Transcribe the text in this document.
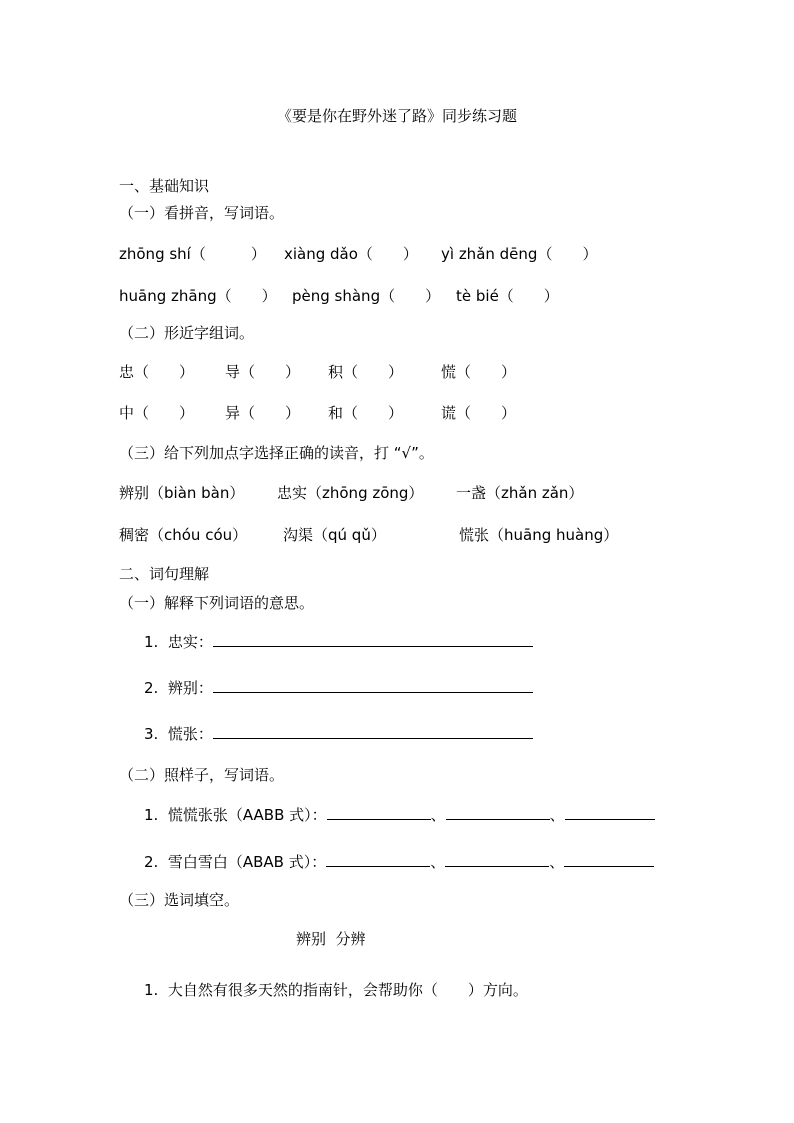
《要是你在野外迷了路》同步练习题
一、基础知识
（一）看拼音，写词语。
zhōng shí（　　　） xiàng dǎo（　　） yì zhǎn dēng（　　）
huāng zhāng（　　） pèng shàng（　　） tè bié（　　）
（二）形近字组词。
忠（　　） 导（　　） 积（　　）	慌（　　）
中（　　） 异（　　） 和（　　）	谎（　　）
（三）给下列加点字选择正确的读音，打 “√”。
辨别（biàn bàn） 忠实（zhōng zōng） 一盏（zhǎn zǎn）
稠密（chóu cóu） 沟渠（qú qǔ）	慌张（huāng huàng）
二、词句理解
（一）解释下列词语的意思。
1.  忠实：
2.  辨别：
3.  慌张：
（二）照样子，写词语。
1.  慌慌张张（AABB 式）：	、	、
2.  雪白雪白（ABAB 式）：	、	、
（三）选词填空。
辨别  分辨
1.  大自然有很多天然的指南针，会帮助你（　　）方向。
